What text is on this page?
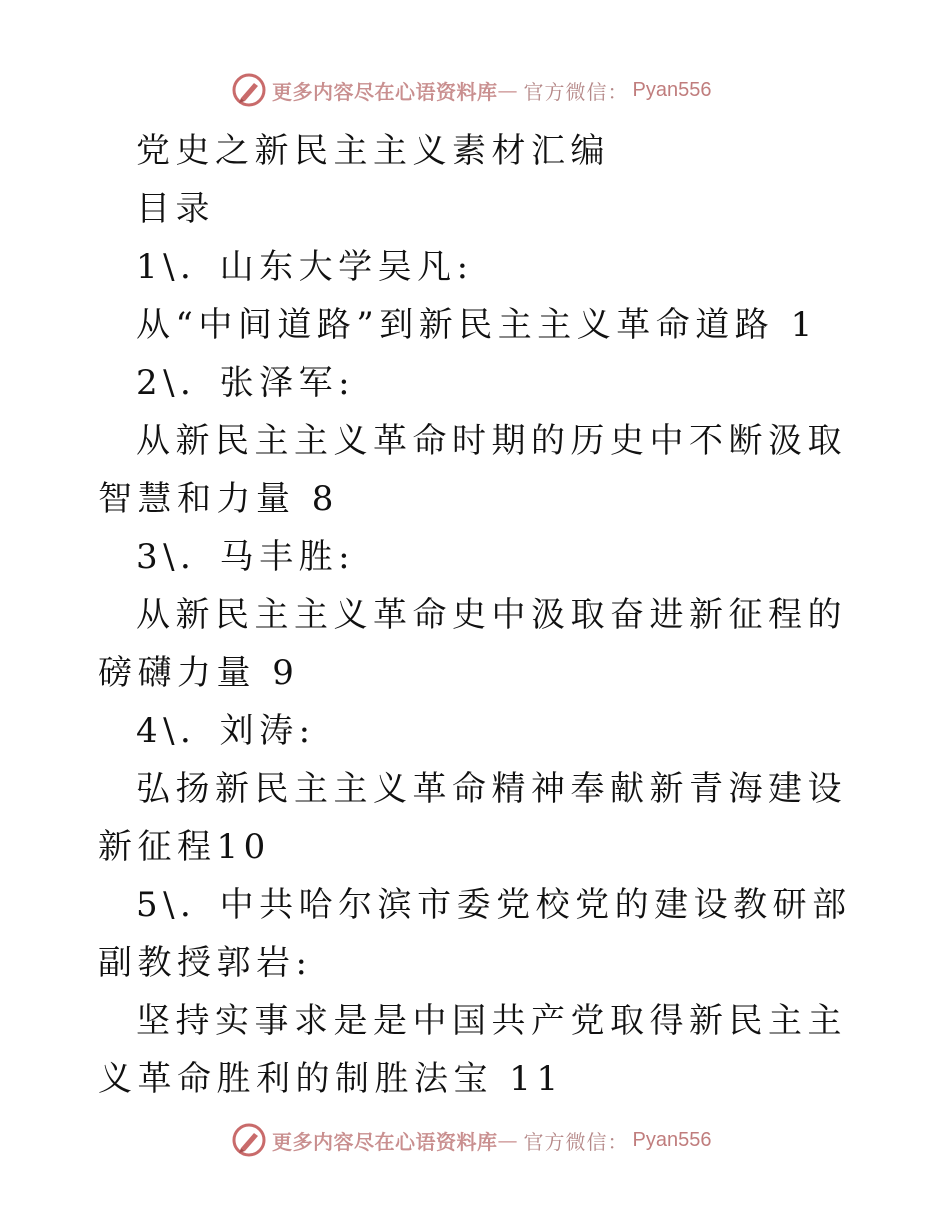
更多内容尽在心语资料库 — 官方微信： Pyan556

党史之新民主主义素材汇编

目录

1\．山东大学吴凡:

从“中间道路”到新民主主义革命道路 1

2\．张泽军:

从新民主主义革命时期的历史中不断汲取智慧和力量 8

3\．马丰胜:

从新民主主义革命史中汲取奋进新征程的磅礴力量 9

4\．刘涛:

弘扬新民主主义革命精神奉献新青海建设新征程10

5\．中共哈尔滨市委党校党的建设教研部副教授郭岩:

坚持实事求是是中国共产党取得新民主主义革命胜利的制胜法宝 11

更多内容尽在心语资料库 — 官方微信： Pyan556
